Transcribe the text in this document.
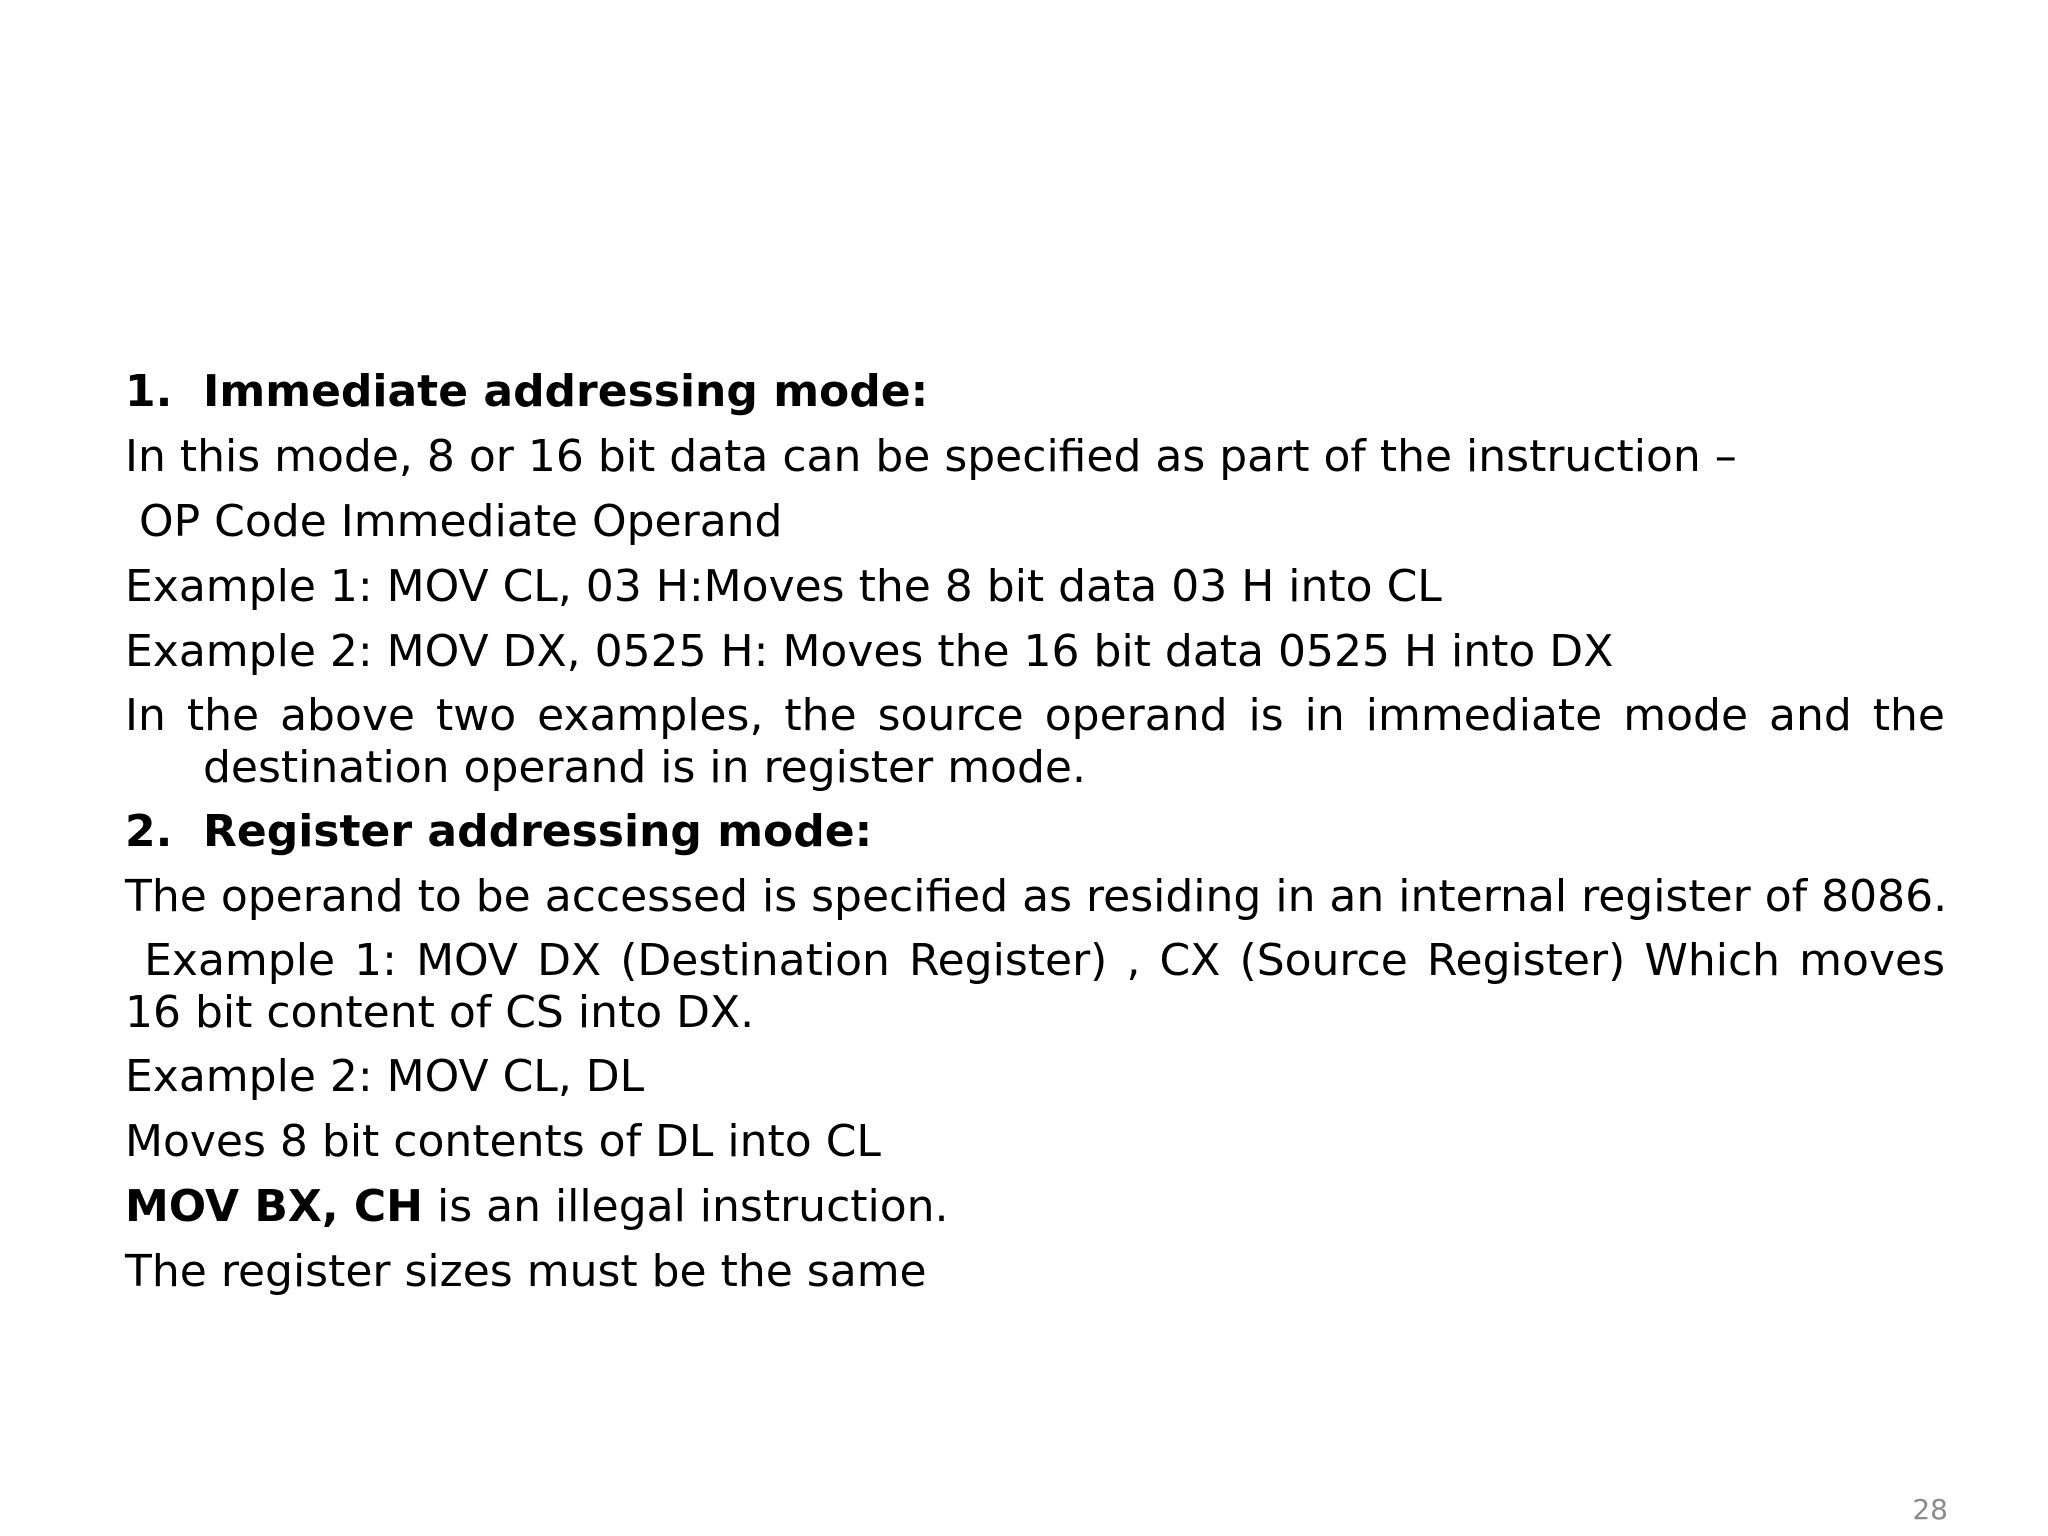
1. Immediate addressing mode:
In this mode, 8 or 16 bit data can be specified as part of the instruction –
OP Code Immediate Operand
Example 1: MOV CL, 03 H:Moves the 8 bit data 03 H into CL
Example 2: MOV DX, 0525 H: Moves the 16 bit data 0525 H into DX
In the above two examples, the source operand is in immediate mode and the destination operand is in register mode.
2. Register addressing mode:
The operand to be accessed is specified as residing in an internal register of 8086.
Example 1: MOV DX (Destination Register) , CX (Source Register) Which moves 16 bit content of CS into DX.
Example 2: MOV CL, DL
Moves 8 bit contents of DL into CL
MOV BX, CH is an illegal instruction.
The register sizes must be the same
28
